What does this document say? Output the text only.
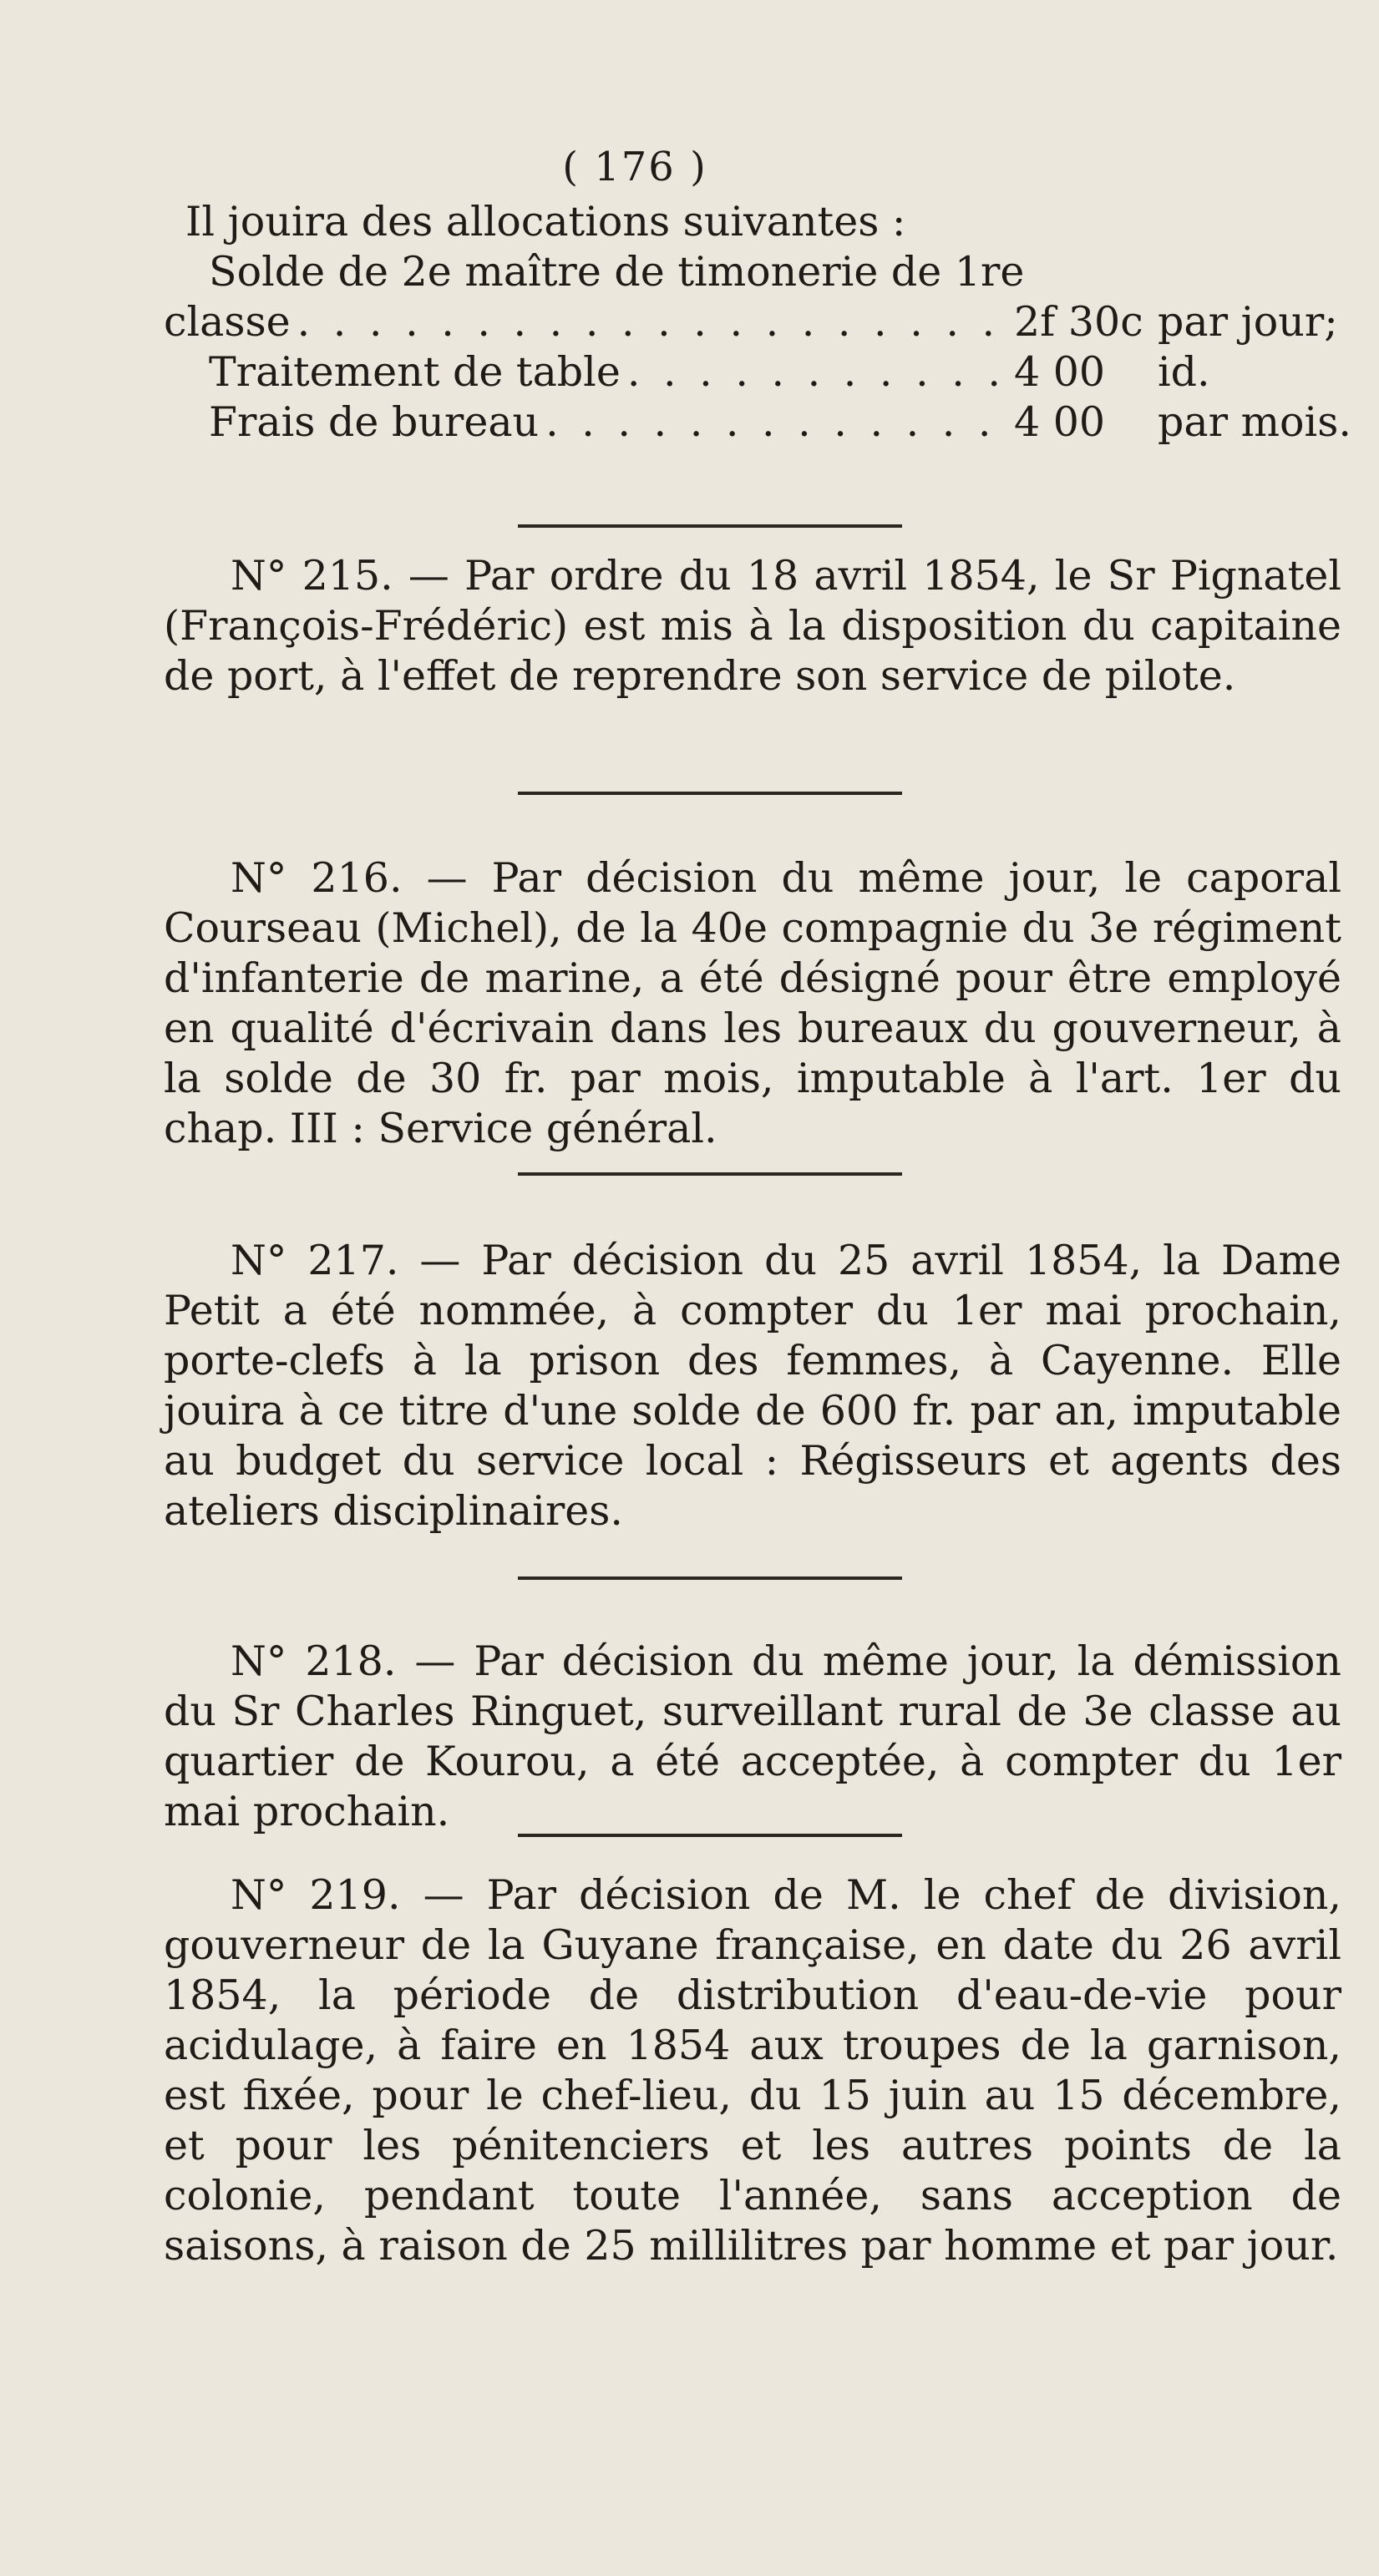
( 176 )
Il jouira des allocations suivantes :
Solde de 2e maître de timonerie de 1re
classe . . .	2f 30c par jour;
Traitement de table . . .	4 00	id.
Frais de bureau . . .	4 00	par mois.

N° 215. — Par ordre du 18 avril 1854, le Sr Pignatel (François-Frédéric) est mis à la disposition du capitaine de port, à l'effet de reprendre son service de pilote.

N° 216. — Par décision du même jour, le caporal Courseau (Michel), de la 40e compagnie du 3e régiment d'infanterie de marine, a été désigné pour être employé en qualité d'écrivain dans les bureaux du gouverneur, à la solde de 30 fr. par mois, imputable à l'art. 1er du chap. III : Service général.

N° 217. — Par décision du 25 avril 1854, la Dame Petit a été nommée, à compter du 1er mai prochain, porte-clefs à la prison des femmes, à Cayenne. Elle jouira à ce titre d'une solde de 600 fr. par an, imputable au budget du service local : Régisseurs et agents des ateliers disciplinaires.

N° 218. — Par décision du même jour, la démission du Sr Charles Ringuet, surveillant rural de 3e classe au quartier de Kourou, a été acceptée, à compter du 1er mai prochain.

N° 219. — Par décision de M. le chef de division, gouverneur de la Guyane française, en date du 26 avril 1854, la période de distribution d'eau-de-vie pour acidulage, à faire en 1854 aux troupes de la garnison, est fixée, pour le chef-lieu, du 15 juin au 15 décembre, et pour les pénitenciers et les autres points de la colonie, pendant toute l'année, sans acception de saisons, à raison de 25 millilitres par homme et par jour.
